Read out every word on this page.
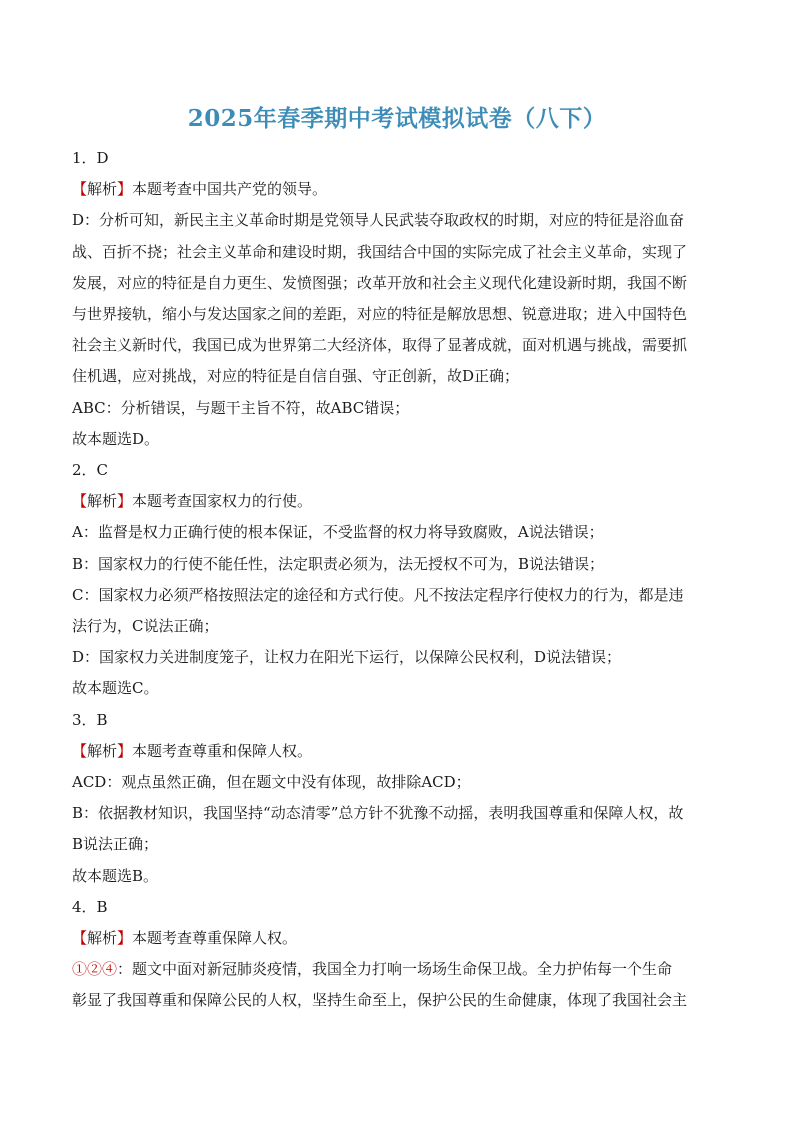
2025年春季期中考试模拟试卷（八下）
1．D
【解析】本题考查中国共产党的领导。
D：分析可知，新民主主义革命时期是党领导人民武装夺取政权的时期，对应的特征是浴血奋
战、百折不挠；社会主义革命和建设时期，我国结合中国的实际完成了社会主义革命，实现了
发展，对应的特征是自力更生、发愤图强；改革开放和社会主义现代化建设新时期，我国不断
与世界接轨，缩小与发达国家之间的差距，对应的特征是解放思想、锐意进取；进入中国特色
社会主义新时代，我国已成为世界第二大经济体，取得了显著成就，面对机遇与挑战，需要抓
住机遇，应对挑战，对应的特征是自信自强、守正创新，故D正确；
ABC：分析错误，与题干主旨不符，故ABC错误；
故本题选D。
2．C
【解析】本题考查国家权力的行使。
A：监督是权力正确行使的根本保证，不受监督的权力将导致腐败，A说法错误；
B：国家权力的行使不能任性，法定职责必须为，法无授权不可为，B说法错误；
C：国家权力必须严格按照法定的途径和方式行使。凡不按法定程序行使权力的行为，都是违
法行为，C说法正确；
D：国家权力关进制度笼子，让权力在阳光下运行，以保障公民权利，D说法错误；
故本题选C。
3．B
【解析】本题考查尊重和保障人权。
ACD：观点虽然正确，但在题文中没有体现，故排除ACD；
B：依据教材知识，我国坚持“动态清零”总方针不犹豫不动摇，表明我国尊重和保障人权，故
B说法正确；
故本题选B。
4．B
【解析】本题考查尊重保障人权。
①②④：题文中面对新冠肺炎疫情，我国全力打响一场场生命保卫战。全力护佑每一个生命
彰显了我国尊重和保障公民的人权，坚持生命至上，保护公民的生命健康，体现了我国社会主
